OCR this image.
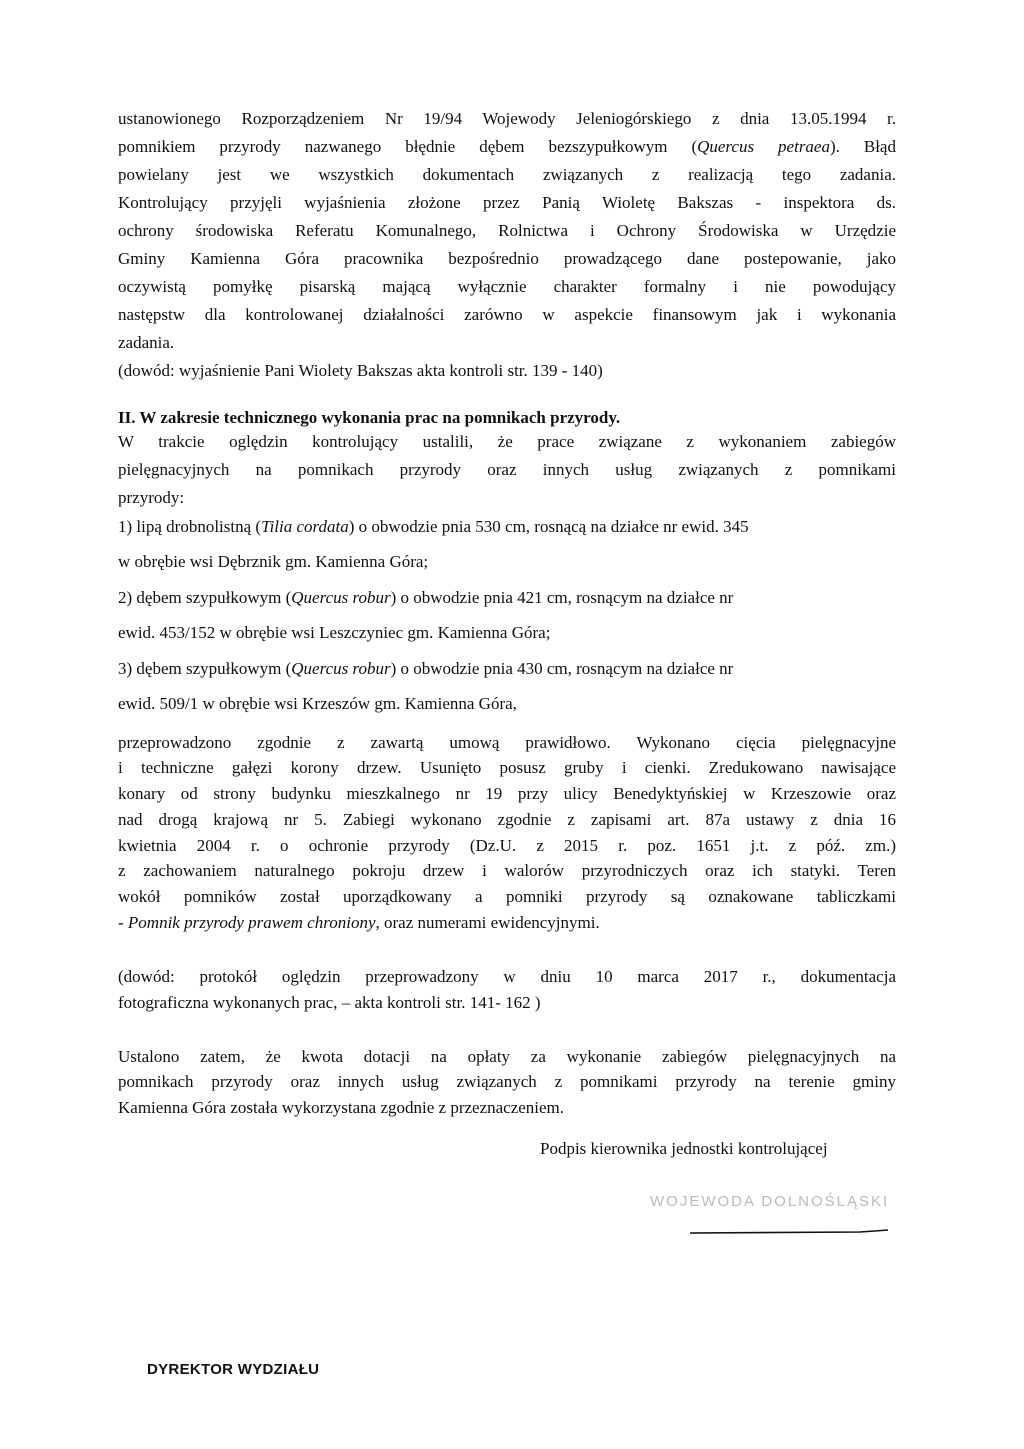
ustanowionego Rozporządzeniem Nr 19/94 Wojewody Jeleniogórskiego z dnia 13.05.1994 r.
pomnikiem przyrody nazwanego błędnie dębem bezszypułkowym (Quercus petraea). Błąd
powielany jest we wszystkich dokumentach związanych z realizacją tego zadania.
Kontrolujący przyjęli wyjaśnienia złożone przez Panią Wioletę Bakszas - inspektora ds.
ochrony środowiska Referatu Komunalnego, Rolnictwa i Ochrony Środowiska w Urzędzie
Gminy Kamienna Góra pracownika bezpośrednio prowadzącego dane postepowanie, jako
oczywistą pomyłkę pisarską mającą wyłącznie charakter formalny i nie powodujący
następstw dla kontrolowanej działalności zarówno w aspekcie finansowym jak i wykonania
zadania.
(dowód: wyjaśnienie Pani Wiolety Bakszas akta kontroli str. 139 - 140)
II. W zakresie technicznego wykonania prac na pomnikach przyrody.
W trakcie oględzin kontrolujący ustalili, że prace związane z wykonaniem zabiegów
pielęgnacyjnych na pomnikach przyrody oraz innych usług związanych z pomnikami
przyrody:
1) lipą drobnolistną (Tilia cordata) o obwodzie pnia 530 cm, rosnącą na działce nr ewid. 345
w obrębie wsi Dębrznik gm. Kamienna Góra;
2) dębem szypułkowym (Quercus robur) o obwodzie pnia 421 cm, rosnącym na działce nr
ewid. 453/152 w obrębie wsi Leszczyniec gm. Kamienna Góra;
3) dębem szypułkowym (Quercus robur) o obwodzie pnia 430 cm, rosnącym na działce nr
ewid. 509/1 w obrębie wsi Krzeszów gm. Kamienna Góra,
przeprowadzono zgodnie z zawartą umową prawidłowo. Wykonano cięcia pielęgnacyjne
i techniczne gałęzi korony drzew. Usunięto posusz gruby i cienki. Zredukowano nawisające
konary od strony budynku mieszkalnego nr 19 przy ulicy Benedyktyńskiej w Krzeszowie oraz
nad drogą krajową nr 5. Zabiegi wykonano zgodnie z zapisami art. 87a ustawy z dnia 16
kwietnia 2004 r. o ochronie przyrody (Dz.U. z 2015 r. poz. 1651 j.t. z póź. zm.)
z zachowaniem naturalnego pokroju drzew i walorów przyrodniczych oraz ich statyki. Teren
wokół pomników został uporządkowany a pomniki przyrody są oznakowane tabliczkami
- Pomnik przyrody prawem chroniony, oraz numerami ewidencyjnymi.
(dowód: protokół oględzin przeprowadzony w dniu 10 marca 2017 r., dokumentacja
fotograficzna wykonanych prac, – akta kontroli str. 141- 162 )
Ustalono zatem, że kwota dotacji na opłaty za wykonanie zabiegów pielęgnacyjnych na
pomnikach przyrody oraz innych usług związanych z pomnikami przyrody na terenie gminy
Kamienna Góra została wykorzystana zgodnie z przeznaczeniem.
Podpis kierownika jednostki kontrolującej
WOJEWODA DOLNOŚLĄSKI
DYREKTOR WYDZIAŁU
